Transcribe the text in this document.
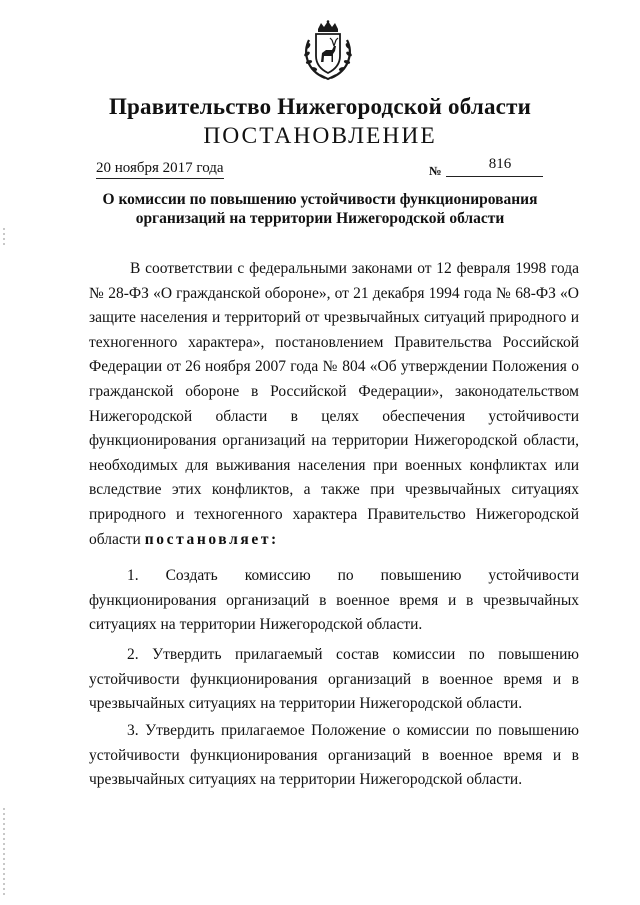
Правительство Нижегородской области
ПОСТАНОВЛЕНИЕ
20 ноября 2017 года	№	816
О комиссии по повышению устойчивости функционирования
организаций на территории Нижегородской области

В соответствии с федеральными законами от 12 февраля 1998 года № 28-ФЗ «О гражданской обороне», от 21 декабря 1994 года № 68-ФЗ «О защите населения и территорий от чрезвычайных ситуаций природного и техногенного характера», постановлением Правительства Российской Федерации от 26 ноября 2007 года № 804 «Об утверждении Положения о гражданской обороне в Российской Федерации», законодательством Нижегородской области в целях обеспечения устойчивости функционирования организаций на территории Нижегородской области, необходимых для выживания населения при военных конфликтах или вследствие этих конфликтов, а также при чрезвычайных ситуациях природного и техногенного характера Правительство Нижегородской области постановляет:

1. Создать комиссию по повышению устойчивости функционирования организаций в военное время и в чрезвычайных ситуациях на территории Нижегородской области.

2. Утвердить прилагаемый состав комиссии по повышению устойчивости функционирования организаций в военное время и в чрезвычайных ситуациях на территории Нижегородской области.

3. Утвердить прилагаемое Положение о комиссии по повышению устойчивости функционирования организаций в военное время и в чрезвычайных ситуациях на территории Нижегородской области.
